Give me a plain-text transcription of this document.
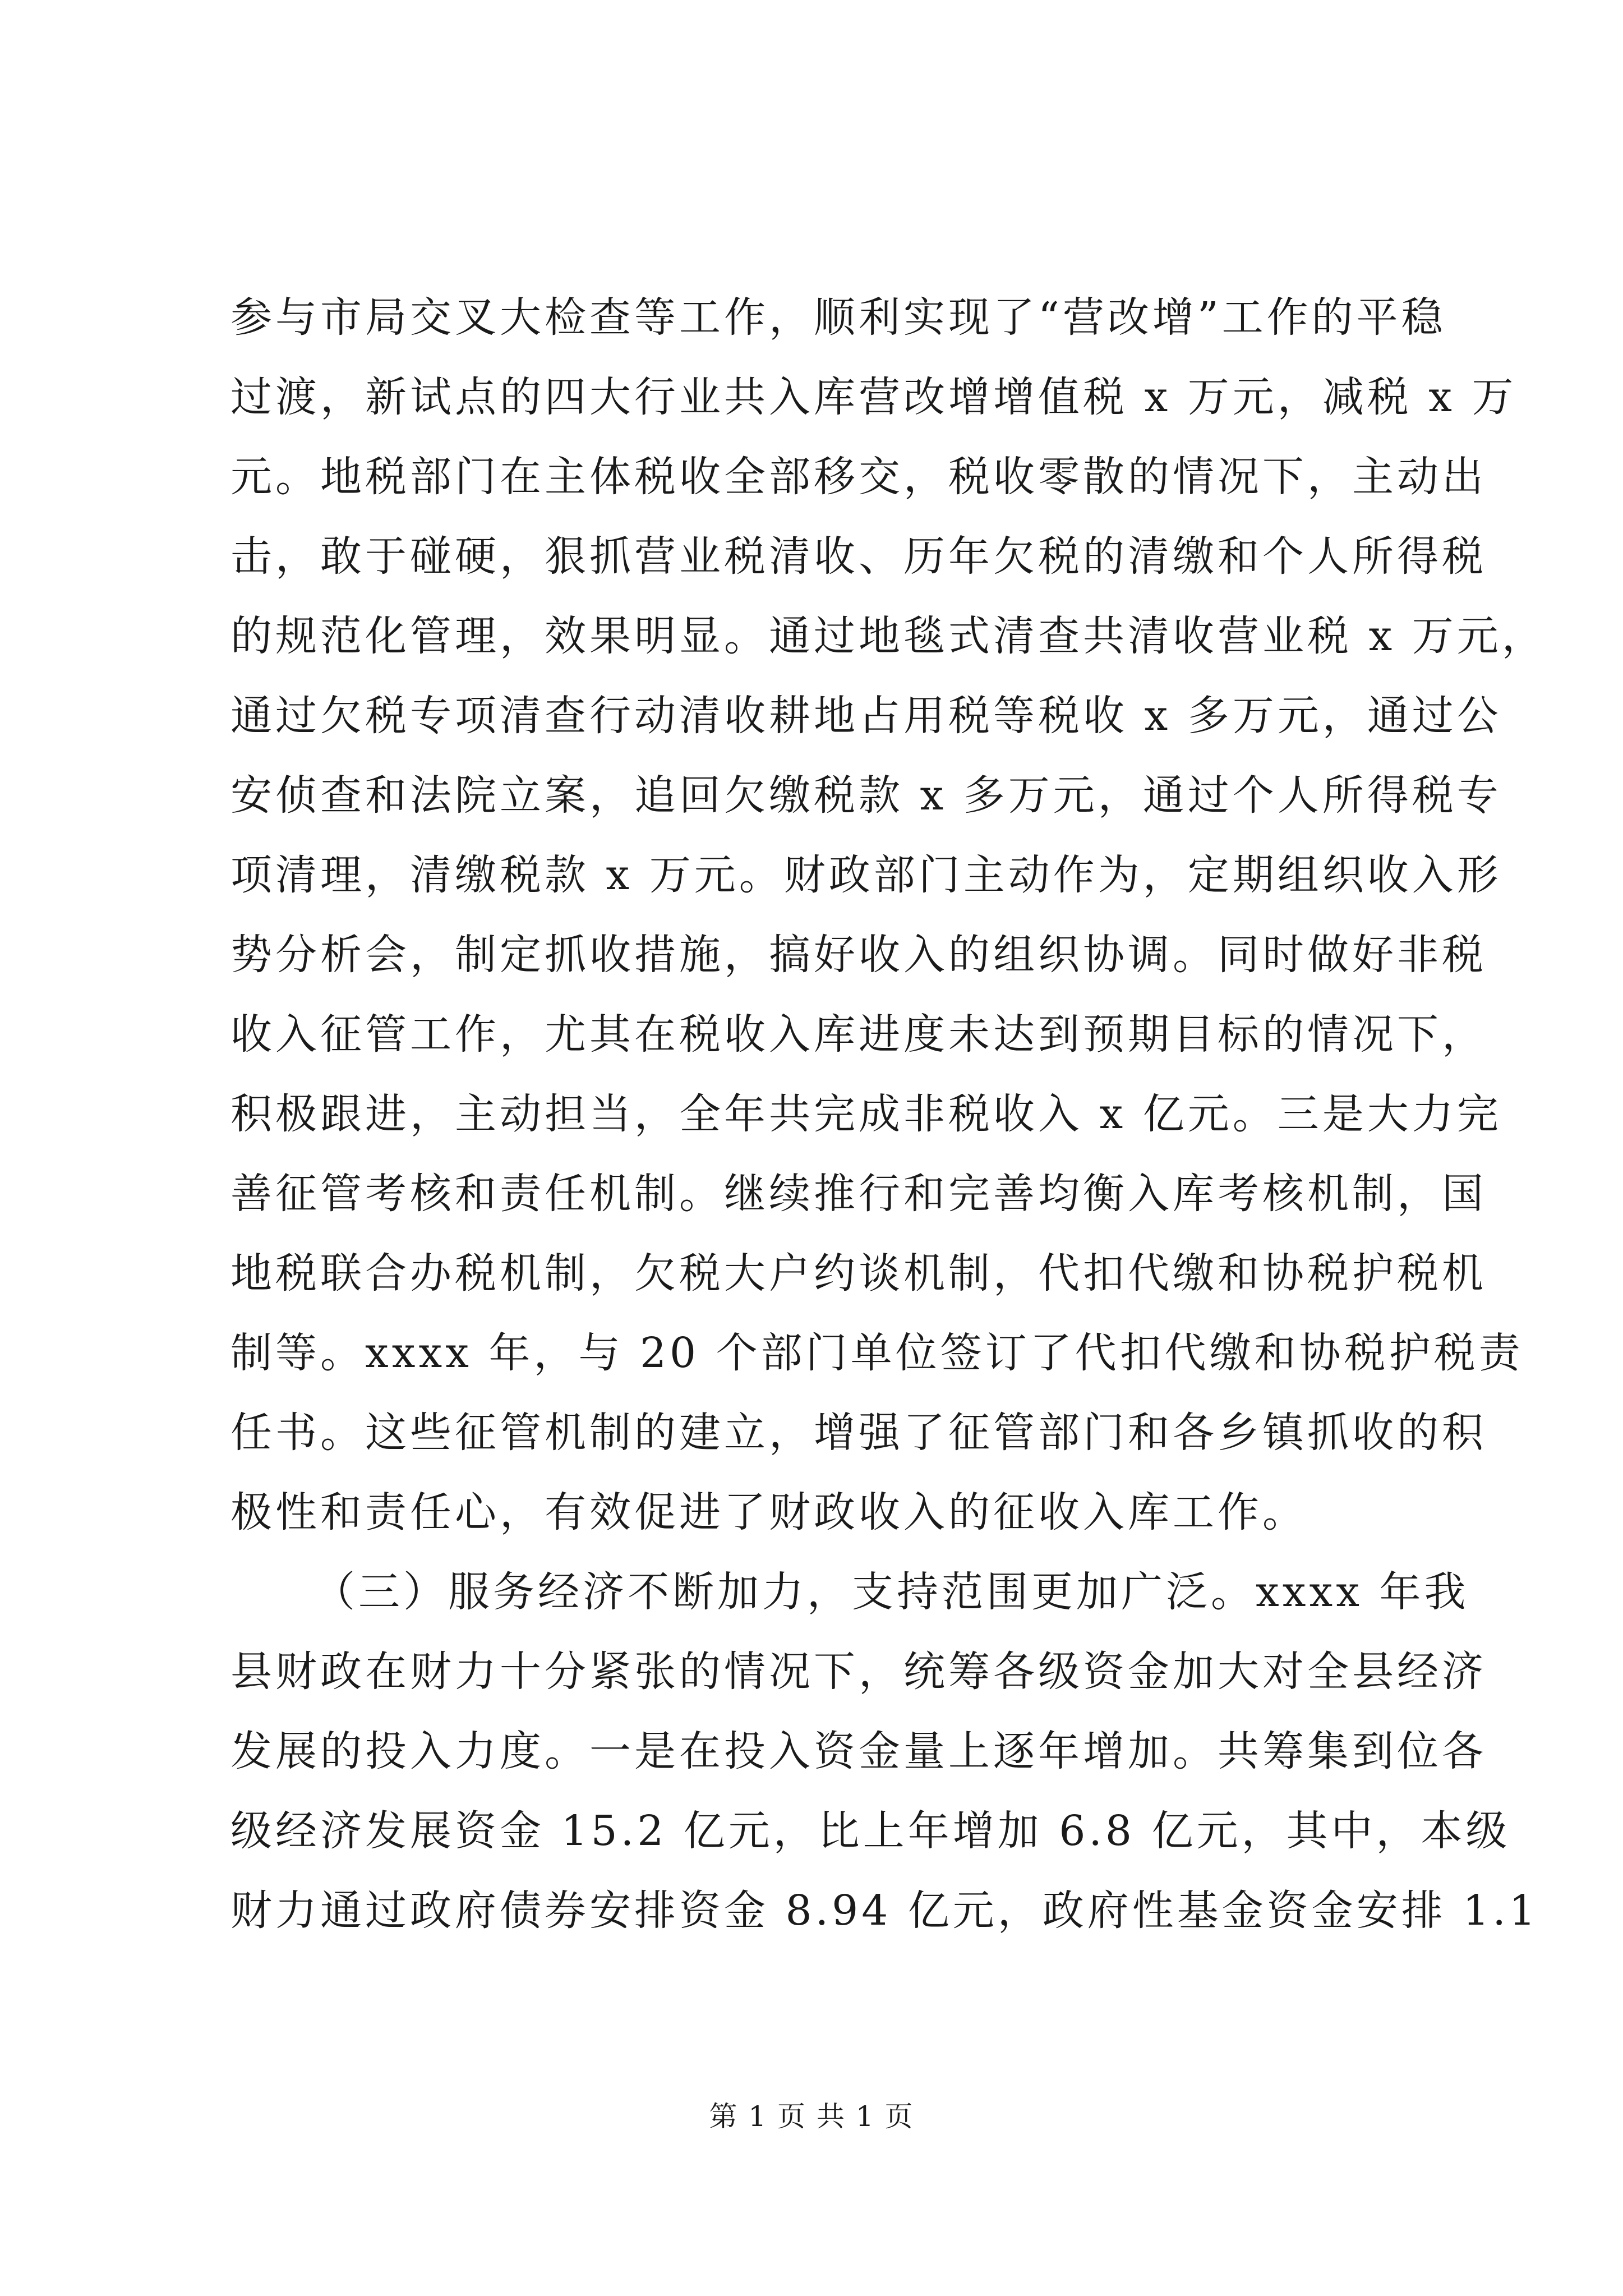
参与市局交叉大检查等工作，顺利实现了“营改增”工作的平稳
过渡，新试点的四大行业共入库营改增增值税 x 万元，减税 x 万
元。地税部门在主体税收全部移交，税收零散的情况下，主动出
击，敢于碰硬，狠抓营业税清收、历年欠税的清缴和个人所得税
的规范化管理，效果明显。通过地毯式清查共清收营业税 x 万元，
通过欠税专项清查行动清收耕地占用税等税收 x 多万元，通过公
安侦查和法院立案，追回欠缴税款 x 多万元，通过个人所得税专
项清理，清缴税款 x 万元。财政部门主动作为，定期组织收入形
势分析会，制定抓收措施，搞好收入的组织协调。同时做好非税
收入征管工作，尤其在税收入库进度未达到预期目标的情况下，
积极跟进，主动担当，全年共完成非税收入 x 亿元。三是大力完
善征管考核和责任机制。继续推行和完善均衡入库考核机制，国
地税联合办税机制，欠税大户约谈机制，代扣代缴和协税护税机
制等。xxxx 年，与 20 个部门单位签订了代扣代缴和协税护税责
任书。这些征管机制的建立，增强了征管部门和各乡镇抓收的积
极性和责任心，有效促进了财政收入的征收入库工作。
（三）服务经济不断加力，支持范围更加广泛。xxxx 年我
县财政在财力十分紧张的情况下，统筹各级资金加大对全县经济
发展的投入力度。一是在投入资金量上逐年增加。共筹集到位各
级经济发展资金 15.2 亿元，比上年增加 6.8 亿元，其中，本级
财力通过政府债券安排资金 8.94 亿元，政府性基金资金安排 1.1
第 1 页 共 1 页
